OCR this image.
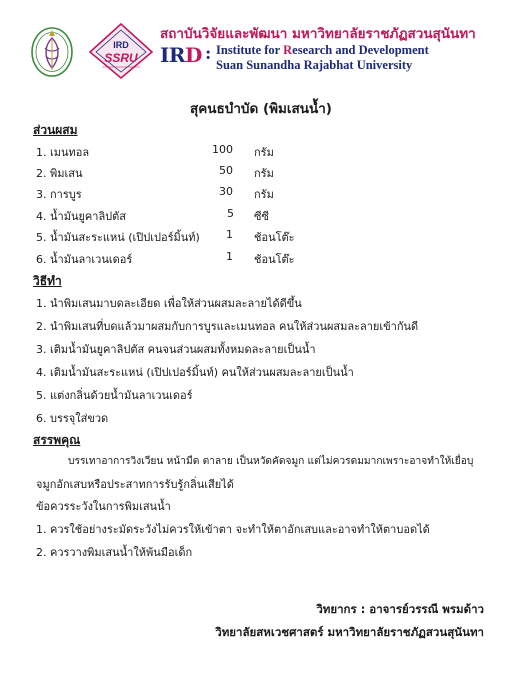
IRD
SSRU
สถาบันวิจัยและพัฒนา มหาวิทยาลัยราชภัฏสวนสุนันทา
IRD : Institute for Research and Development
Suan Sunandha Rajabhat University
สุคนธบำบัด (พิมเสนน้ำ)
ส่วนผสม
1. เมนทอล	100 กรัม
2. พิมเสน	50 กรัม
3. การบูร	30 กรัม
4. น้ำมันยูคาลิปตัส	5 ซีซี
5. น้ำมันสะระแหน่ (เปิปเปอร์มิ้นท์)	1 ช้อนโต๊ะ
6. น้ำมันลาเวนเดอร์	1 ช้อนโต๊ะ
วิธีทำ
1. นำพิมเสนมาบดละเอียด เพื่อให้ส่วนผสมละลายได้ดีขึ้น
2. นำพิมเสนที่บดแล้วมาผสมกับการบูรและเมนทอล คนให้ส่วนผสมละลายเข้ากันดี
3. เติมน้ำมันยูคาลิปตัส คนจนส่วนผสมทั้งหมดละลายเป็นน้ำ
4. เติมน้ำมันสะระแหน่ (เปิปเปอร์มิ้นท์) คนให้ส่วนผสมละลายเป็นน้ำ
5. แต่งกลิ่นด้วยน้ำมันลาเวนเดอร์
6. บรรจุใส่ขวด
สรรพคุณ
บรรเทาอาการวิงเวียน หน้ามืด ตาลาย เป็นหวัดคัดจมูก แต่ไม่ควรดมมากเพราะอาจทำให้เยื่อบุ
จมูกอักเสบหรือประสาทการรับรู้กลิ่นเสียได้
ข้อควรระวังในการพิมเสนน้ำ
1. ควรใช้อย่างระมัดระวังไม่ควรให้เข้าตา จะทำให้ตาอักเสบและอาจทำให้ตาบอดได้
2. ควรวางพิมเสนน้ำให้พ้นมือเด็ก
วิทยากร : อาจารย์วรรณี พรมด้าว
วิทยาลัยสหเวชศาสตร์ มหาวิทยาลัยราชภัฏสวนสุนันทา
